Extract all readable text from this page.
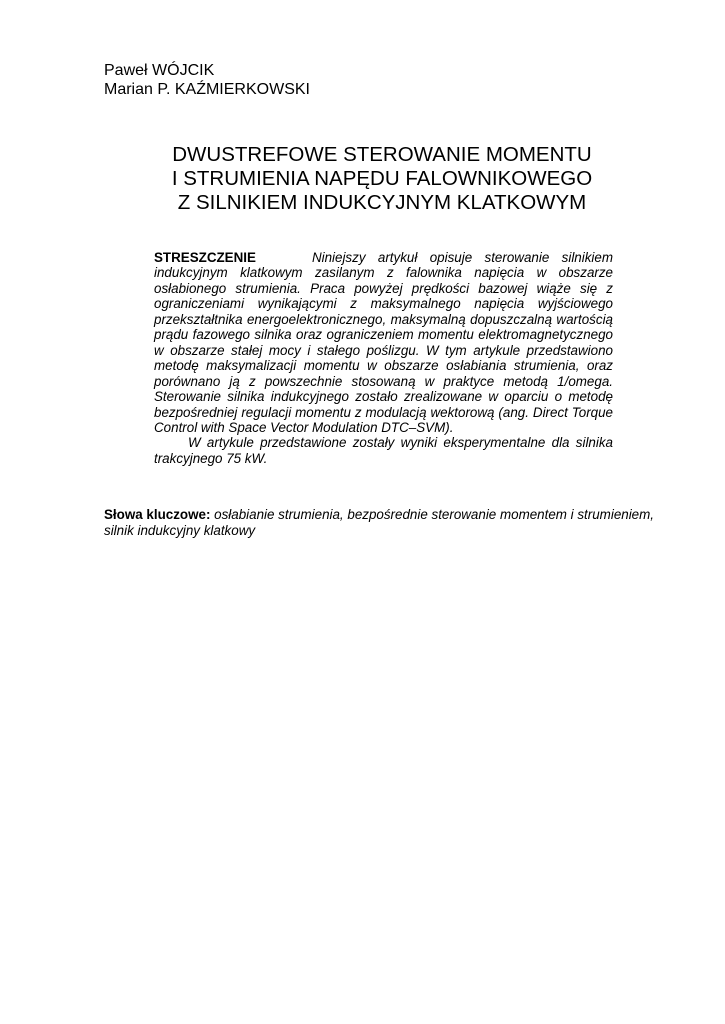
Paweł WÓJCIK
Marian P. KAŹMIERKOWSKI
DWUSTREFOWE STEROWANIE MOMENTU
I STRUMIENIA NAPĘDU FALOWNIKOWEGO
Z SILNIKIEM INDUKCYJNYM KLATKOWYM

STRESZCZENIE	Niniejszy artykuł opisuje sterowanie silnikiem indukcyjnym klatkowym zasilanym z falownika napięcia w obszarze osłabionego strumienia. Praca powyżej prędkości bazowej wiąże się z ograniczeniami wynikającymi z maksymalnego napięcia wyjściowego przekształtnika energoelektronicznego, maksymalną dopuszczalną wartością prądu fazowego silnika oraz ograniczeniem momentu elektromagnetycznego w obszarze stałej mocy i stałego poślizgu. W tym artykule przedstawiono metodę maksymalizacji momentu w obszarze osłabiania strumienia, oraz porównano ją z powszechnie stosowaną w praktyce metodą 1/omega. Sterowanie silnika indukcyjnego zostało zrealizowane w oparciu o metodę bezpośredniej regulacji momentu z modulacją wektorową (ang. Direct Torque Control with Space Vector Modulation DTC–SVM).

W artykule przedstawione zostały wyniki eksperymentalne dla silnika trakcyjnego 75 kW.

Słowa kluczowe: osłabianie strumienia, bezpośrednie sterowanie momentem i strumieniem, silnik indukcyjny klatkowy
